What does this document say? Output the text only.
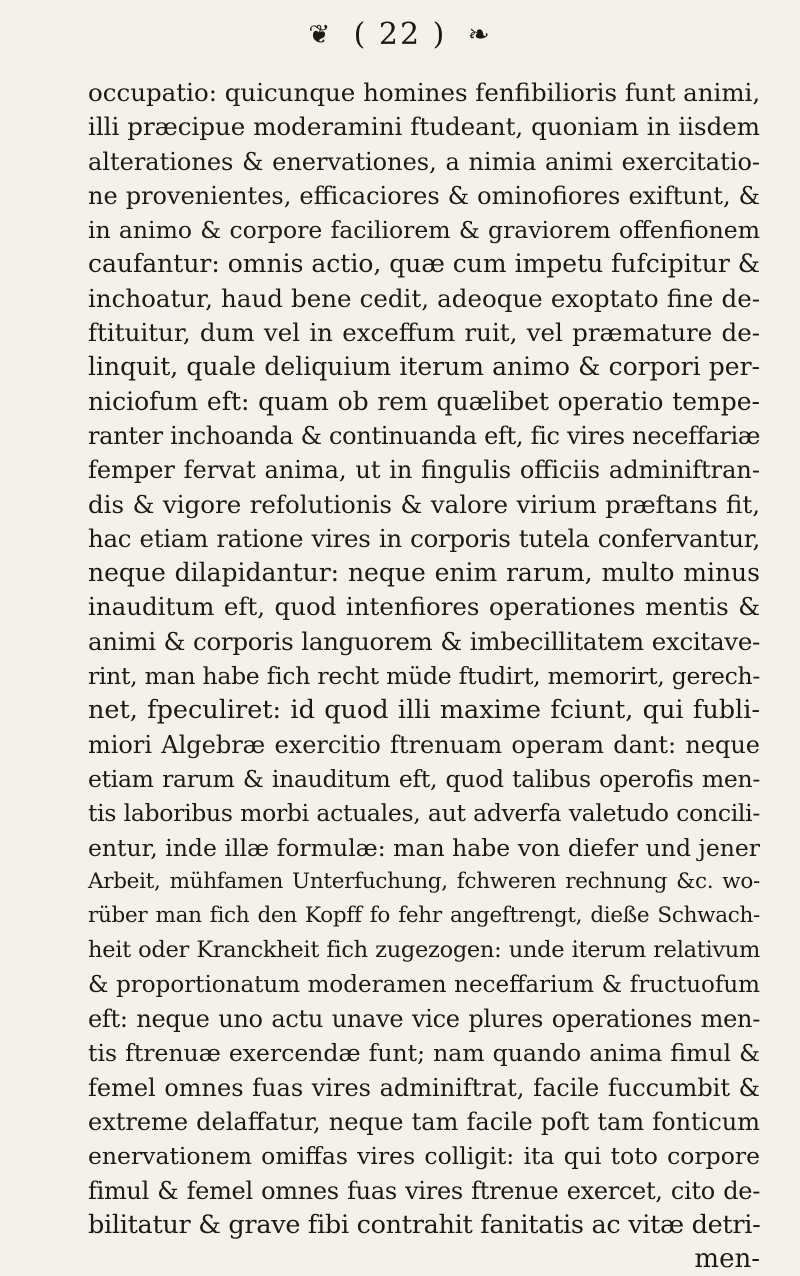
❦ ( 22 ) ❧
occupatio: quicunque homines fenfibilioris funt animi,
illi præcipue moderamini ftudeant, quoniam in iisdem
alterationes & enervationes, a nimia animi exercitatio-
ne provenientes, efficaciores & ominofiores exiftunt, &
in animo & corpore faciliorem & graviorem offenfionem
caufantur: omnis actio, quæ cum impetu fufcipitur &
inchoatur, haud bene cedit, adeoque exoptato fine de-
ftituitur, dum vel in exceffum ruit, vel præmature de-
linquit, quale deliquium iterum animo & corpori per-
niciofum eft: quam ob rem quælibet operatio tempe-
ranter inchoanda & continuanda eft, fic vires neceffariæ
femper fervat anima, ut in fingulis officiis adminiftran-
dis & vigore refolutionis & valore virium præftans fit,
hac etiam ratione vires in corporis tutela confervantur,
neque dilapidantur: neque enim rarum, multo minus
inauditum eft, quod intenfiores operationes mentis &
animi & corporis languorem & imbecillitatem excitave-
rint, man habe fich recht müde ftudirt, memorirt, gerech-
net, fpeculiret: id quod illi maxime fciunt, qui fubli-
miori Algebræ exercitio ftrenuam operam dant: neque
etiam rarum & inauditum eft, quod talibus operofis men-
tis laboribus morbi actuales, aut adverfa valetudo concili-
entur, inde illæ formulæ: man habe von diefer und jener
Arbeit, mühfamen Unterfuchung, fchweren rechnung &c. wo-
rüber man fich den Kopff fo fehr angeftrengt, dieße Schwach-
heit oder Kranckheit fich zugezogen: unde iterum relativum
& proportionatum moderamen neceffarium & fructuofum
eft: neque uno actu unave vice plures operationes men-
tis ftrenuæ exercendæ funt; nam quando anima fimul &
femel omnes fuas vires adminiftrat, facile fuccumbit &
extreme delaffatur, neque tam facile poft tam fonticum
enervationem omiffas vires colligit: ita qui toto corpore
fimul & femel omnes fuas vires ftrenue exercet, cito de-
bilitatur & grave fibi contrahit fanitatis ac vitæ detri-
men-
